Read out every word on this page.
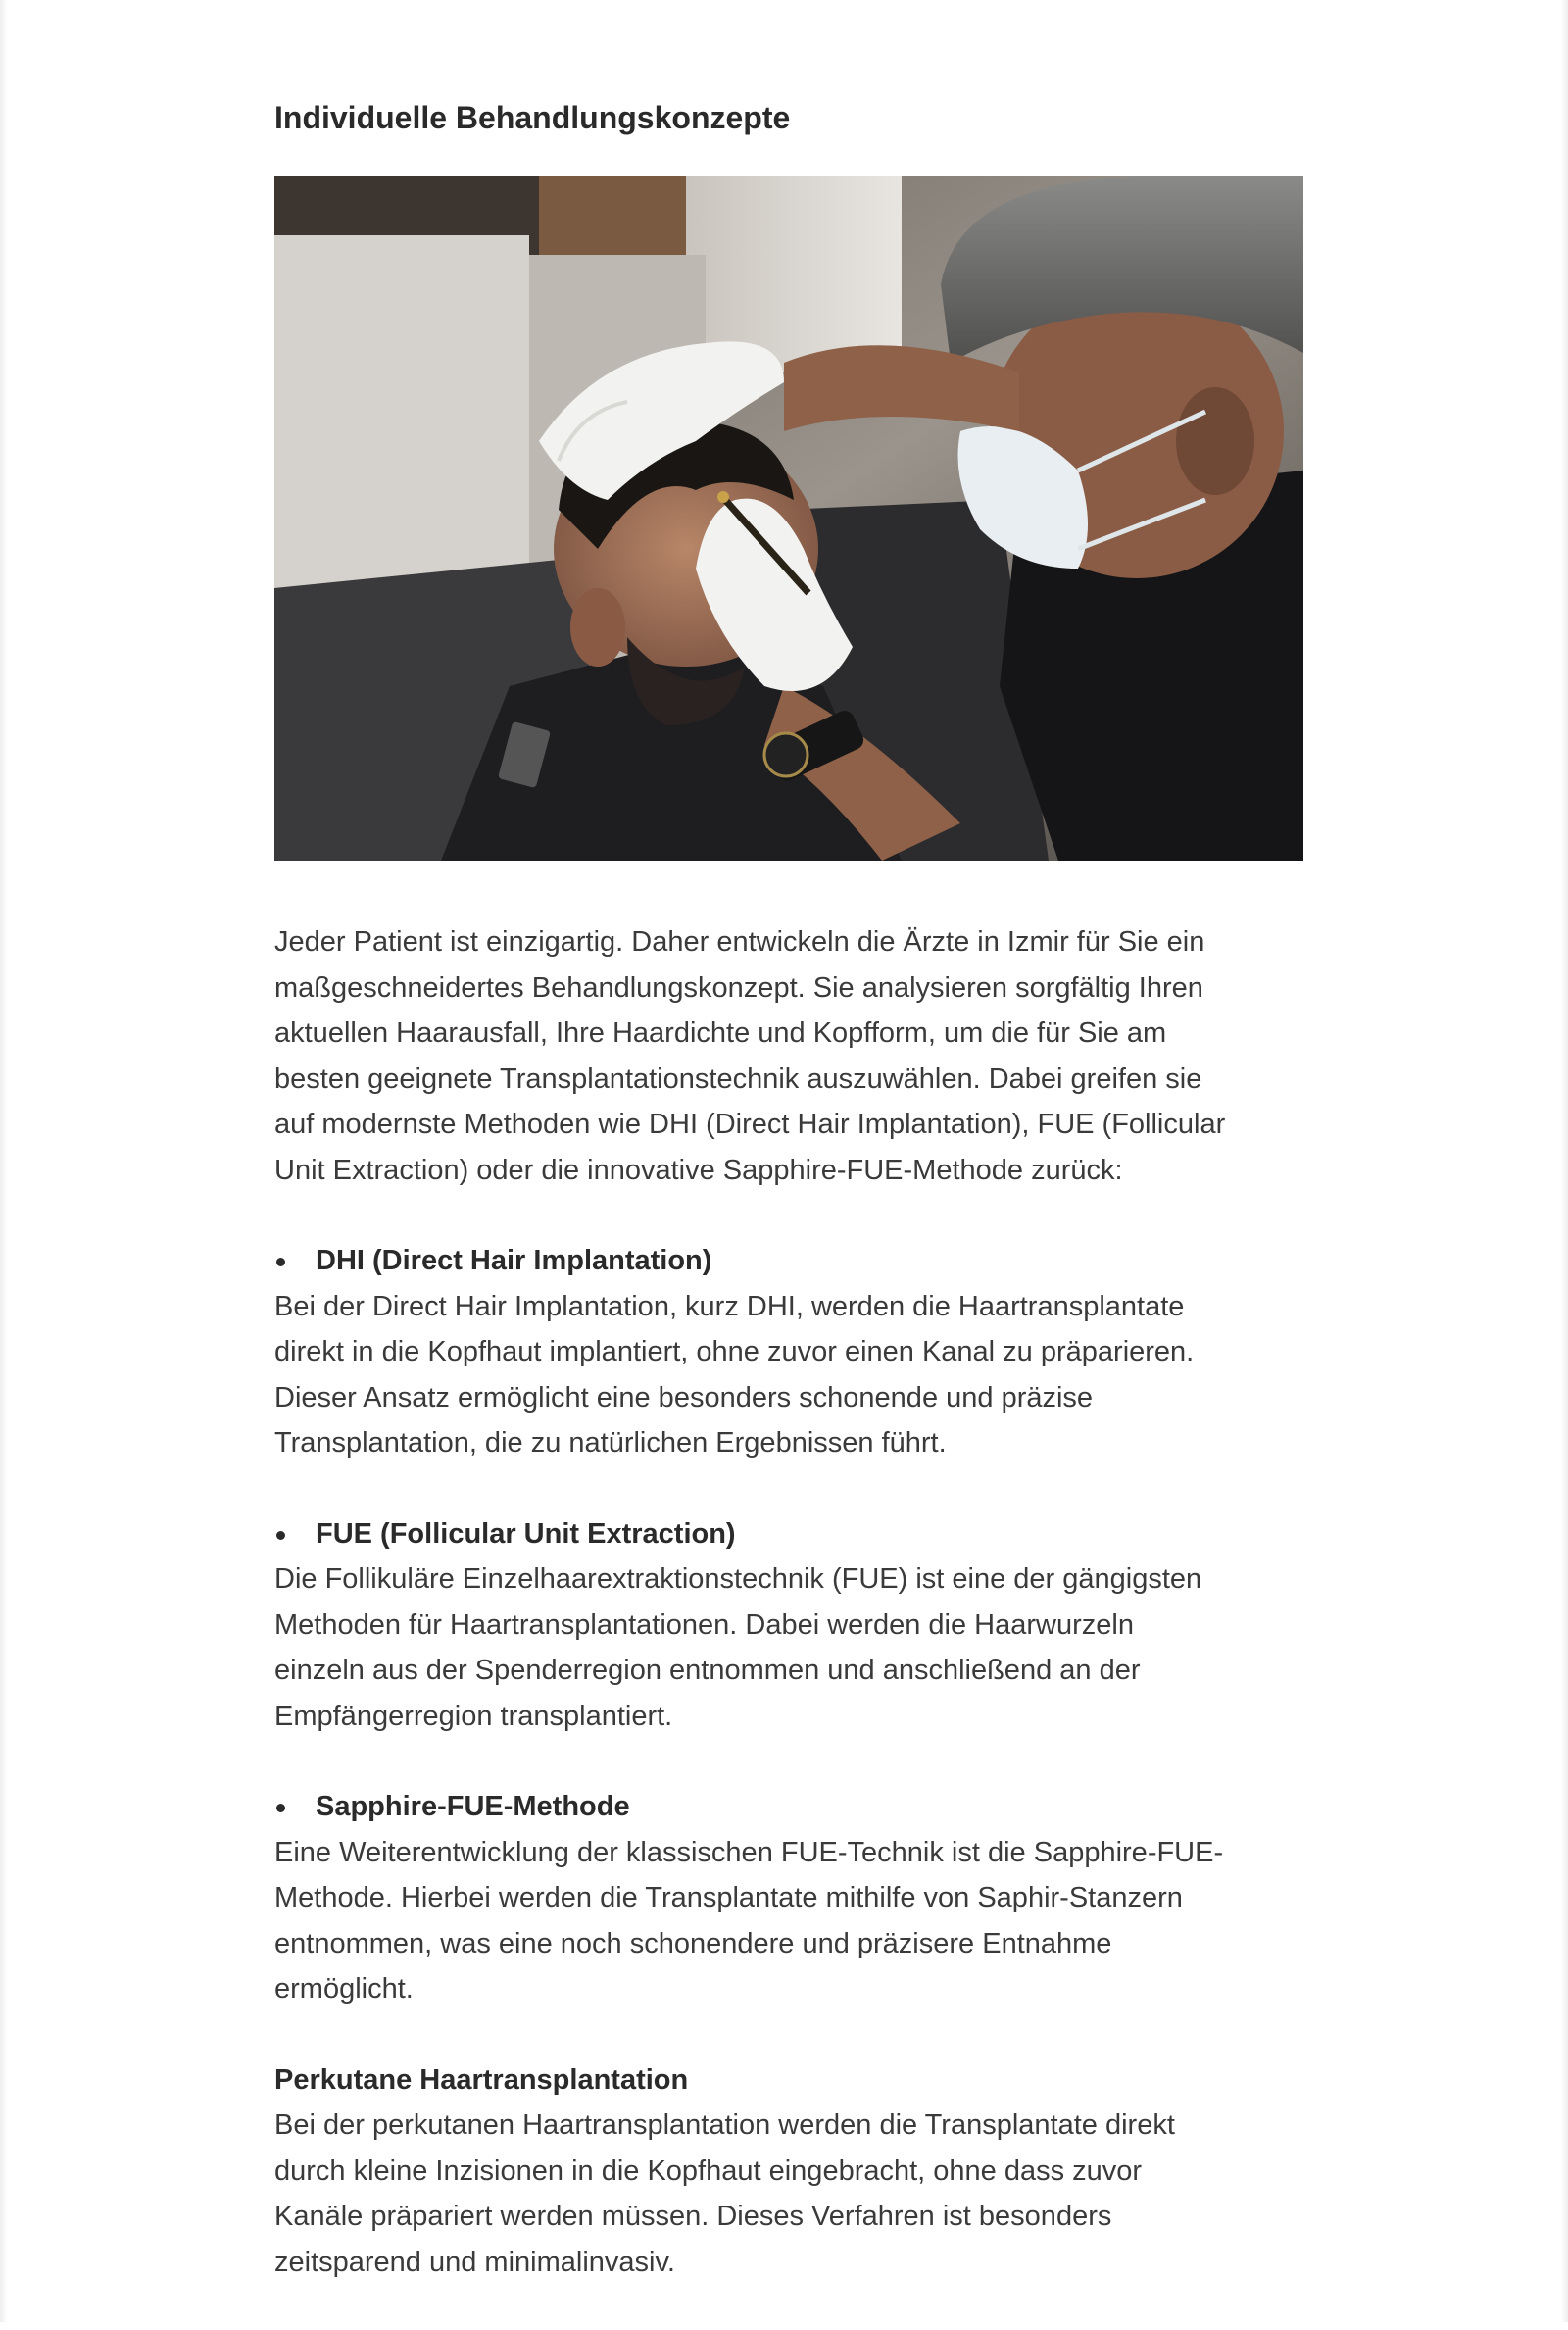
Individuelle Behandlungskonzepte

Jeder Patient ist einzigartig. Daher entwickeln die Ärzte in Izmir für Sie ein

maßgeschneidertes Behandlungskonzept. Sie analysieren sorgfältig Ihren

aktuellen Haarausfall, Ihre Haardichte und Kopfform, um die für Sie am

besten geeignete Transplantationstechnik auszuwählen. Dabei greifen sie

auf modernste Methoden wie DHI (Direct Hair Implantation), FUE (Follicular

Unit Extraction) oder die innovative Sapphire-FUE-Methode zurück:

DHI (Direct Hair Implantation)

Bei der Direct Hair Implantation, kurz DHI, werden die Haartransplantate

direkt in die Kopfhaut implantiert, ohne zuvor einen Kanal zu präparieren.

Dieser Ansatz ermöglicht eine besonders schonende und präzise

Transplantation, die zu natürlichen Ergebnissen führt.

FUE (Follicular Unit Extraction)

Die Follikuläre Einzelhaarextraktionstechnik (FUE) ist eine der gängigsten

Methoden für Haartransplantationen. Dabei werden die Haarwurzeln

einzeln aus der Spenderregion entnommen und anschließend an der

Empfängerregion transplantiert.

Sapphire-FUE-Methode

Eine Weiterentwicklung der klassischen FUE-Technik ist die Sapphire-FUE-

Methode. Hierbei werden die Transplantate mithilfe von Saphir-Stanzern

entnommen, was eine noch schonendere und präzisere Entnahme

ermöglicht.

Perkutane Haartransplantation

Bei der perkutanen Haartransplantation werden die Transplantate direkt

durch kleine Inzisionen in die Kopfhaut eingebracht, ohne dass zuvor

Kanäle präpariert werden müssen. Dieses Verfahren ist besonders

zeitsparend und minimalinvasiv.
